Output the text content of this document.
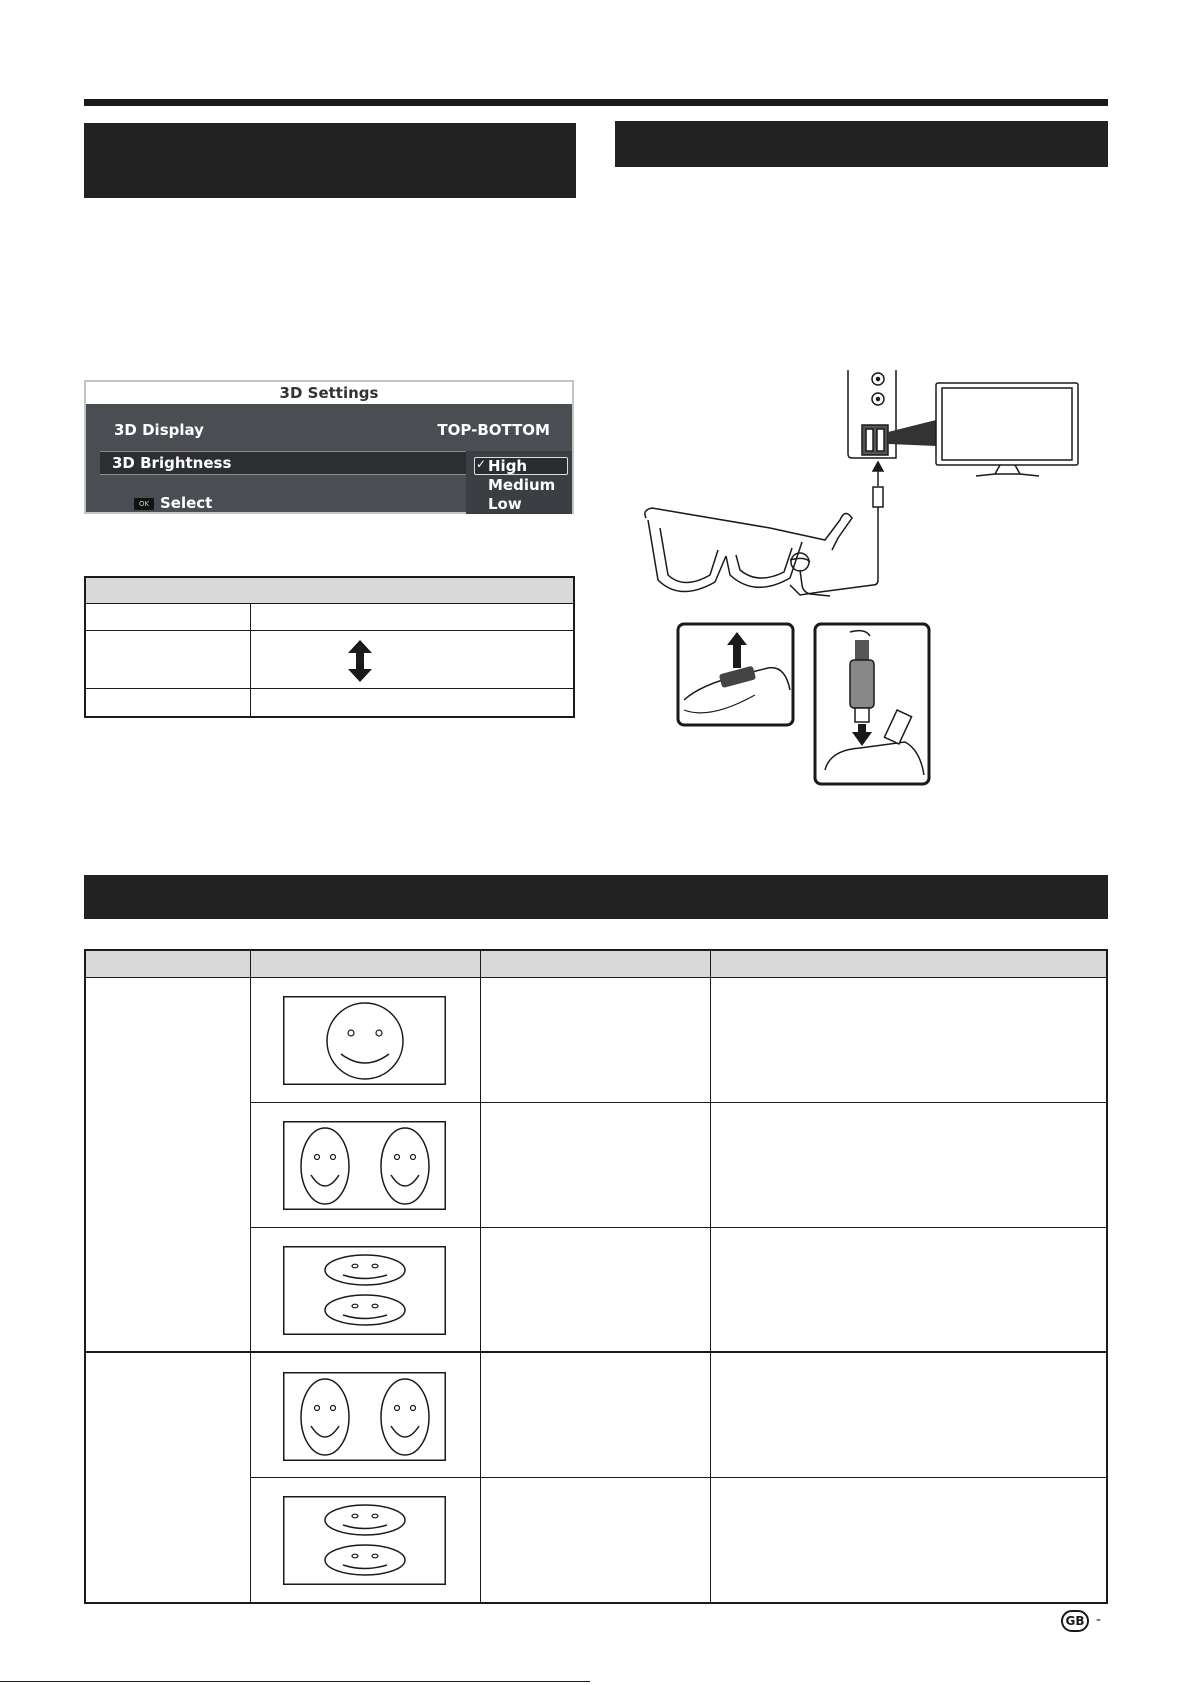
3D Settings
3D Display	TOP-BOTTOM
3D Brightness	✓ High
Medium
Low
OK Select
GB -
